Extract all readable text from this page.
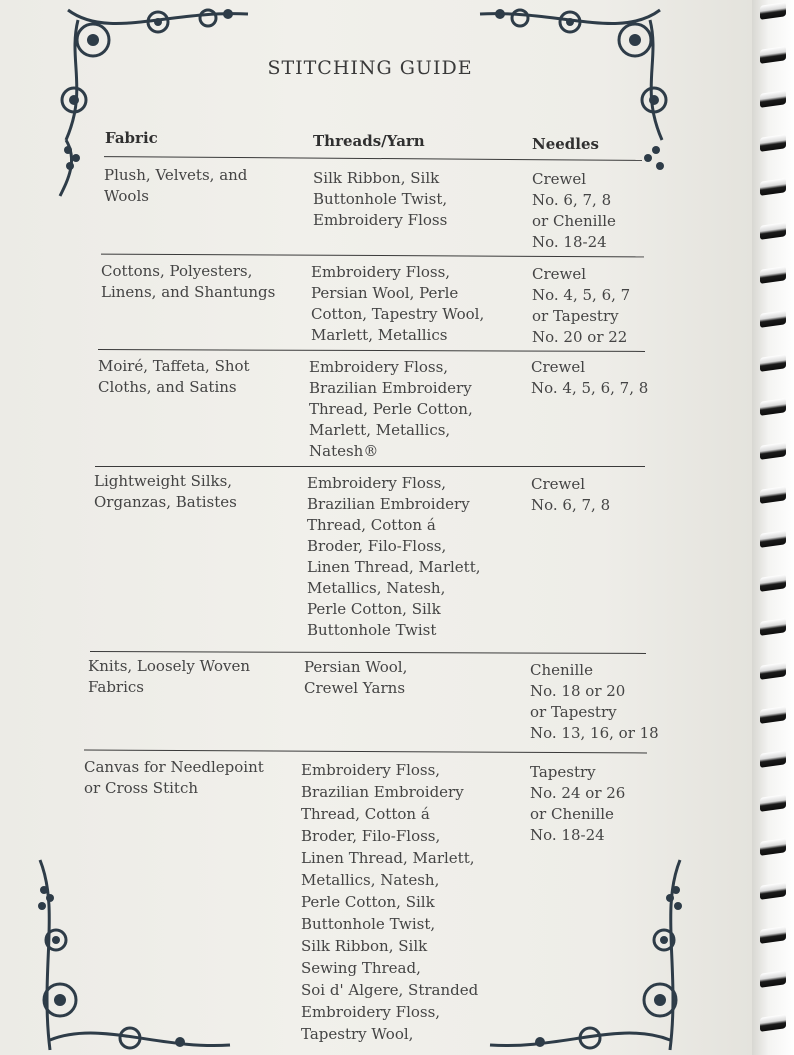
STITCHING GUIDE
Fabric	Threads/Yarn	Needles
Plush, Velvets, and
Wools
Silk Ribbon, Silk
Buttonhole Twist,
Embroidery Floss
Crewel
No. 6, 7, 8
or Chenille
No. 18-24
Cottons, Polyesters,
Linens, and Shantungs
Embroidery Floss,
Persian Wool, Perle
Cotton, Tapestry Wool,
Marlett, Metallics
Crewel
No. 4, 5, 6, 7
or Tapestry
No. 20 or 22
Moiré, Taffeta, Shot
Cloths, and Satins
Embroidery Floss,
Brazilian Embroidery
Thread, Perle Cotton,
Marlett, Metallics,
Natesh®
Crewel
No. 4, 5, 6, 7, 8
Lightweight Silks,
Organzas, Batistes
Embroidery Floss,
Brazilian Embroidery
Thread, Cotton á
Broder, Filo-Floss,
Linen Thread, Marlett,
Metallics, Natesh,
Perle Cotton, Silk
Buttonhole Twist
Crewel
No. 6, 7, 8
Knits, Loosely Woven
Fabrics
Persian Wool,
Crewel Yarns
Chenille
No. 18 or 20
or Tapestry
No. 13, 16, or 18
Canvas for Needlepoint
or Cross Stitch
Embroidery Floss,
Brazilian Embroidery
Thread, Cotton á
Broder, Filo-Floss,
Linen Thread, Marlett,
Metallics, Natesh,
Perle Cotton, Silk
Buttonhole Twist,
Silk Ribbon, Silk
Sewing Thread,
Soi d' Algere, Stranded
Embroidery Floss,
Tapestry Wool,
Tapestry
No. 24 or 26
or Chenille
No. 18-24
